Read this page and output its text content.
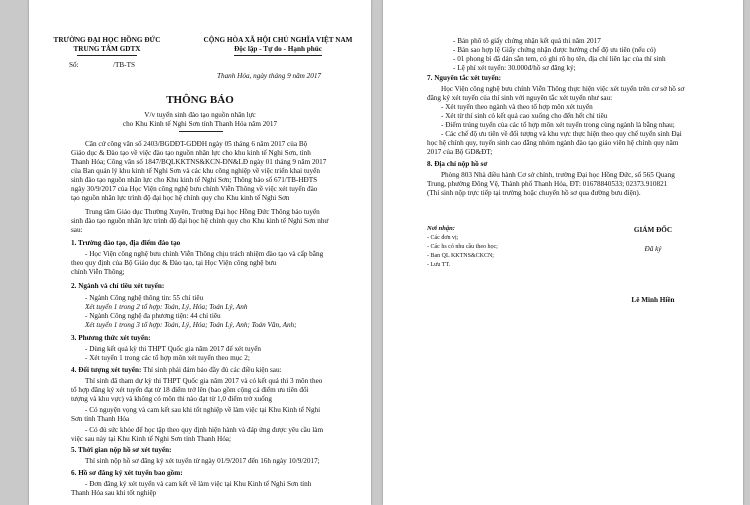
TRƯỜNG ĐẠI HỌC HỒNG ĐỨC
TRUNG TÂM GDTX
CỘNG HÒA XÃ HỘI CHỦ NGHĨA VIỆT NAM
Độc lập - Tự do - Hạnh phúc
Số:	/TB-TS
Thanh Hóa, ngày tháng 9 năm 2017
THÔNG BÁO
V/v tuyển sinh đào tạo nguồn nhân lực
cho Khu Kinh tế Nghi Sơn tỉnh Thanh Hóa năm 2017
Căn cứ công văn số 2403/BGDĐT-GDĐH ngày 05 tháng 6 năm 2017 của Bộ
Giáo dục & Đào tạo về việc đào tạo nguồn nhân lực cho khu kinh tế Nghi Sơn, tỉnh
Thanh Hóa; Công văn số 1847/BQLKKTNS&KCN-ĐN&LĐ ngày 01 tháng 9 năm 2017
của Ban quản lý khu kinh tế Nghi Sơn và các khu công nghiệp về việc triển khai tuyển
sinh đào tạo nguồn nhân lực cho Khu kinh tế Nghi Sơn; Thông báo số 671/TB-HĐTS
ngày 30/9/2017 của Học Viện công nghệ bưu chính Viễn Thông về việc xét tuyển đào
tạo nguồn nhân lực trình độ đại học hệ chính quy cho Khu kinh tế Nghi Sơn
Trung tâm Giáo dục Thường Xuyên, Trường Đại học Hồng Đức Thông báo tuyển
sinh đào tạo nguồn nhân lực trình độ đại học hệ chính quy cho Khu kinh tế Nghi Sơn như
sau:
1. Trường đào tạo, địa điểm đào tạo
- Học Viện công nghệ bưu chính Viễn Thông chịu trách nhiệm đào tạo và cấp bằng
theo quy định của Bộ Giáo dục & Đào tạo, tại Học Viện công nghệ bưu
chính Viễn Thông;
2. Ngành và chỉ tiêu xét tuyển:
- Ngành Công nghệ thông tin: 55 chỉ tiêu
Xét tuyển 1 trong 2 tổ hợp: Toán, Lý, Hóa; Toán Lý, Anh
- Ngành Công nghệ đa phương tiện: 44 chỉ tiêu
Xét tuyển 1 trong 3 tổ hợp: Toán, Lý, Hóa; Toán Lý, Anh; Toán Văn, Anh;
3. Phương thức xét tuyển:
- Dùng kết quả kỳ thi THPT Quốc gia năm 2017 để xét tuyển
- Xét tuyển 1 trong các tổ hợp môn xét tuyển theo mục 2;
4. Đối tượng xét tuyển: Thí sinh phải đảm bảo đầy đủ các điều kiện sau:
Thí sinh đã tham dự kỳ thi THPT Quốc gia năm 2017 và có kết quả thi 3 môn theo
tổ hợp đăng ký xét tuyển đạt từ 18 điểm trở lên (bao gồm cộng cả điểm ưu tiên đối
tượng và khu vực) và không có môn thi nào đạt từ 1,0 điểm trở xuống
- Có nguyện vọng và cam kết sau khi tốt nghiệp về làm việc tại Khu Kinh tế Nghi
Sơn tỉnh Thanh Hóa
- Có đủ sức khỏe để học tập theo quy định hiện hành và đáp ứng được yêu cầu làm
việc sau này tại Khu Kinh tế Nghi Sơn tỉnh Thanh Hóa;
5. Thời gian nộp hồ sơ xét tuyển:
Thí sinh nộp hồ sơ đăng ký xét tuyển từ ngày 01/9/2017 đến 16h ngày 10/9/2017;
6. Hồ sơ đăng ký xét tuyển bao gồm:
- Đơn đăng ký xét tuyển và cam kết về làm việc tại Khu Kinh tế Nghi Sơn tỉnh
Thanh Hóa sau khi tốt nghiệp
- Bản phô tô giấy chứng nhận kết quả thi năm 2017
- Bản sao hợp lệ Giấy chứng nhận được hưởng chế độ ưu tiên (nếu có)
- 01 phong bì đã dán sẵn tem, có ghi rõ họ tên, địa chỉ liên lạc của thí sinh
- Lệ phí xét tuyển: 30.000đ/hồ sơ đăng ký;
7. Nguyên tắc xét tuyển:
Học Viện công nghệ bưu chính Viễn Thông thực hiện việc xét tuyển trên cơ sở hồ sơ
đăng ký xét tuyển của thí sinh với nguyên tắc xét tuyển như sau:
- Xét tuyển theo ngành và theo tổ hợp môn xét tuyển
- Xét từ thí sinh có kết quả cao xuống cho đến hết chỉ tiêu
- Điểm trúng tuyển của các tổ hợp môn xét tuyển trong cùng ngành là bằng nhau;
- Các chế độ ưu tiên về đối tượng và khu vực thực hiện theo quy chế tuyển sinh Đại
học hệ chính quy, tuyển sinh cao đẳng nhóm ngành đào tạo giáo viên hệ chính quy năm
2017 của Bộ GD&ĐT;
8. Địa chỉ nộp hồ sơ
Phòng 803 Nhà điều hành Cơ sở chính, trường Đại học Hồng Đức, số 565 Quang
Trung, phường Đông Vệ, Thành phố Thanh Hóa, ĐT: 01678840533; 02373.910821
(Thí sinh nộp trực tiếp tại trường hoặc chuyển hồ sơ qua đường bưu điện).
Nơi nhận:
- Các đơn vị;
- Các hs có nhu cầu theo học;
- Ban QL KKTNS&CKCN;
- Lưu TT.
GIÁM ĐỐC
Đã ký
Lê Minh Hiền
